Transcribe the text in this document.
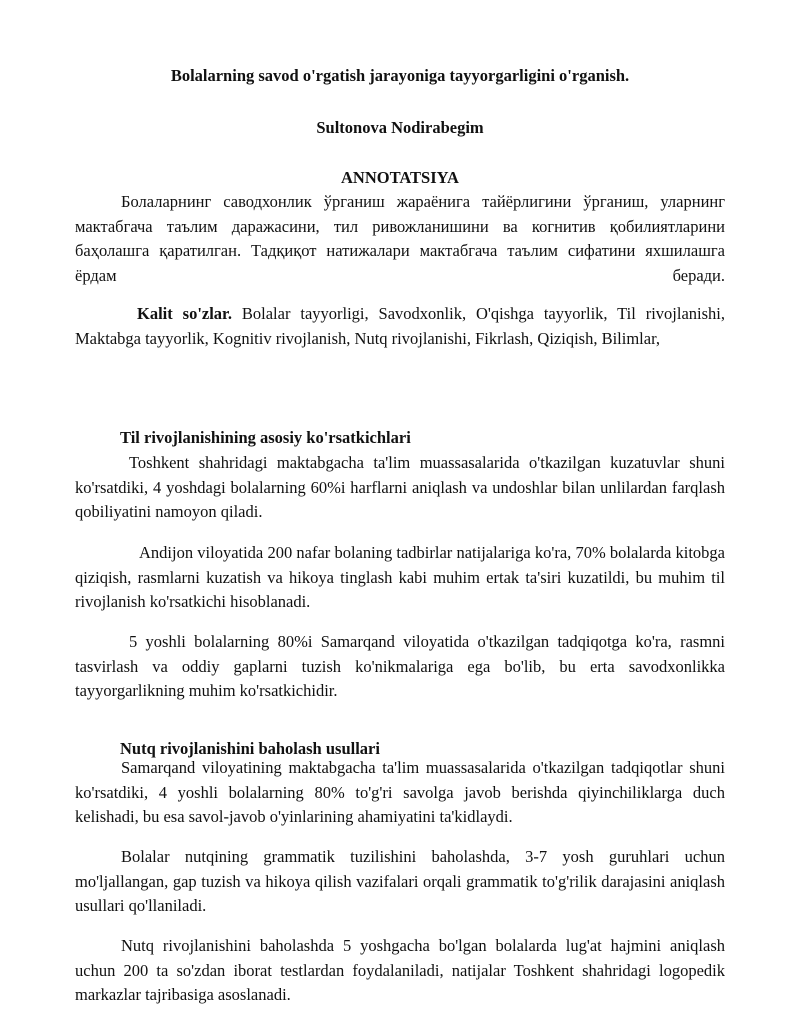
Bolalarning savod o'rgatish jarayoniga tayyorgarligini o'rganish.

Sultonova Nodirabegim

ANNOTATSIYA

Болаларнинг саводхонлик ўрганиш жараёнига тайёрлигини ўрганиш, уларнинг мактабгача таълим даражасини, тил ривожланишини ва когнитив қобилиятларини баҳолашга қаратилган. Тадқиқот натижалари мактабгача таълим сифатини яхшилашга ёрдам беради.

Kalit so'zlar. Bolalar tayyorligi, Savodxonlik, O'qishga tayyorlik, Til rivojlanishi, Maktabga tayyorlik, Kognitiv rivojlanish, Nutq rivojlanishi, Fikrlash, Qiziqish, Bilimlar,

Til rivojlanishining asosiy ko'rsatkichlari

Toshkent shahridagi maktabgacha ta'lim muassasalarida o'tkazilgan kuzatuvlar shuni ko'rsatdiki, 4 yoshdagi bolalarning 60%i harflarni aniqlash va undoshlar bilan unlilardan farqlash qobiliyatini namoyon qiladi.

Andijon viloyatida 200 nafar bolaning tadbirlar natijalariga ko'ra, 70% bolalarda kitobga qiziqish, rasmlarni kuzatish va hikoya tinglash kabi muhim ertak ta'siri kuzatildi, bu muhim til rivojlanish ko'rsatkichi hisoblanadi.

5 yoshli bolalarning 80%i Samarqand viloyatida o'tkazilgan tadqiqotga ko'ra, rasmni tasvirlash va oddiy gaplarni tuzish ko'nikmalariga ega bo'lib, bu erta savodxonlikka tayyorgarlikning muhim ko'rsatkichidir.

Nutq rivojlanishini baholash usullari

Samarqand viloyatining maktabgacha ta'lim muassasalarida o'tkazilgan tadqiqotlar shuni ko'rsatdiki, 4 yoshli bolalarning 80% to'g'ri savolga javob berishda qiyinchiliklarga duch kelishadi, bu esa savol-javob o'yinlarining ahamiyatini ta'kidlaydi.

Bolalar nutqining grammatik tuzilishini baholashda, 3-7 yosh guruhlari uchun mo'ljallangan, gap tuzish va hikoya qilish vazifalari orqali grammatik to'g'rilik darajasini aniqlash usullari qo'llaniladi.

Nutq rivojlanishini baholashda 5 yoshgacha bo'lgan bolalarda lug'at hajmini aniqlash uchun 200 ta so'zdan iborat testlardan foydalaniladi, natijalar Toshkent shahridagi logopedik markazlar tajribasiga asoslanadi.
